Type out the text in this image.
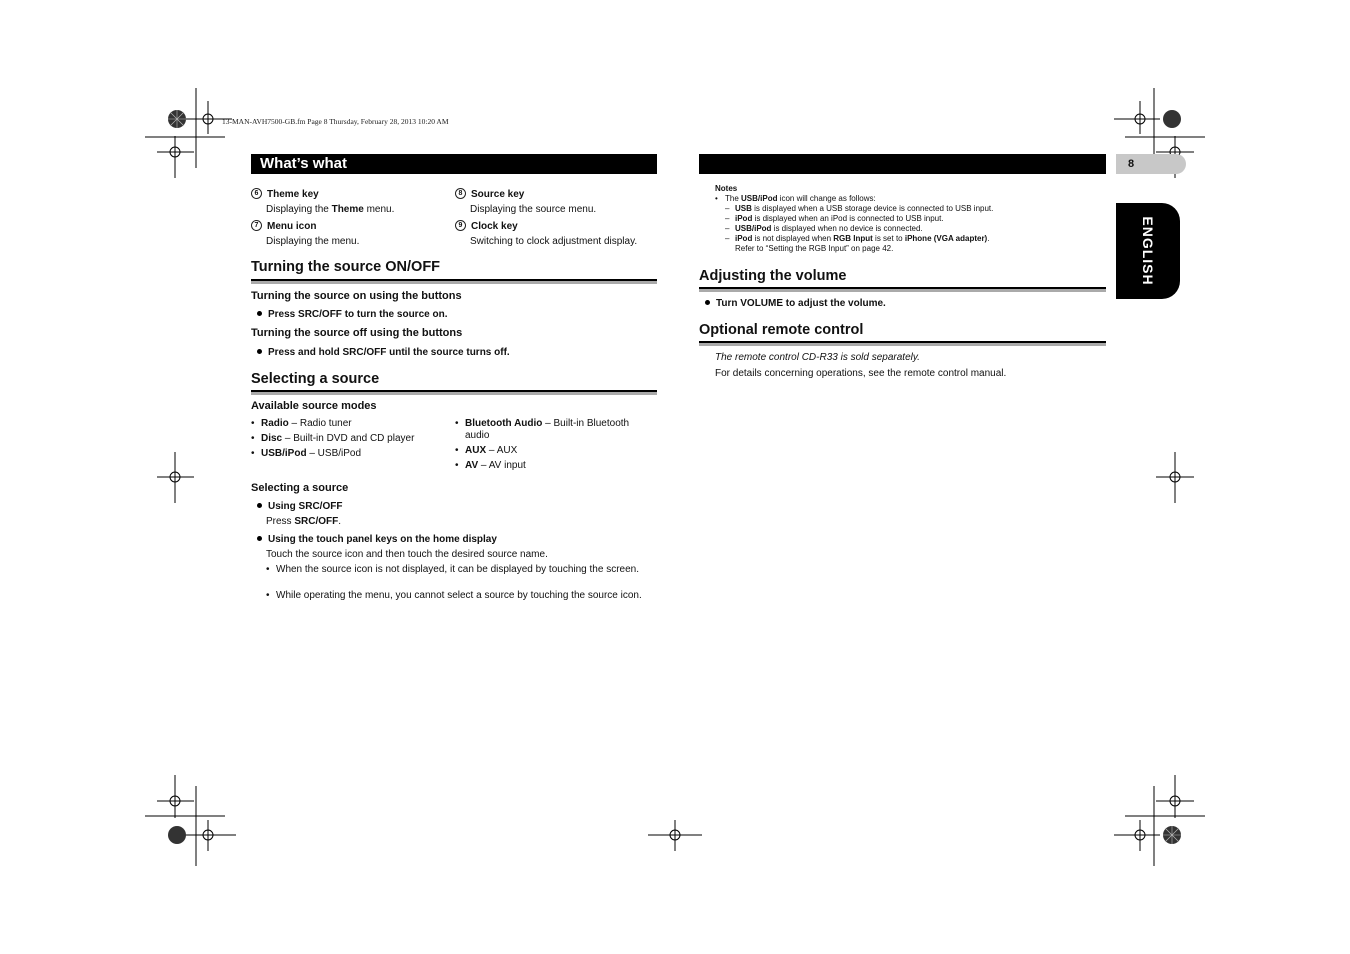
13-MAN-AVH7500-GB.fm Page 8 Thursday, February 28, 2013 10:20 AM
What’s what	8
ENGLISH
6 Theme key
Displaying the Theme menu.
7 Menu icon
Displaying the menu.
8 Source key
Displaying the source menu.
9 Clock key
Switching to clock adjustment display.
Turning the source ON/OFF
Turning the source on using the buttons
Press SRC/OFF to turn the source on.
Turning the source off using the buttons
Press and hold SRC/OFF until the source turns off.
Selecting a source
Available source modes
• Radio – Radio tuner
• Disc – Built-in DVD and CD player
• USB/iPod – USB/iPod
• Bluetooth Audio – Built-in Bluetooth audio
• AUX – AUX
• AV – AV input
Selecting a source
Using SRC/OFF
Press SRC/OFF.
Using the touch panel keys on the home display
Touch the source icon and then touch the desired source name.
• When the source icon is not displayed, it can be displayed by touching the screen.
• While operating the menu, you cannot select a source by touching the source icon.
Notes
• The USB/iPod icon will change as follows:
– USB is displayed when a USB storage device is connected to USB input.
– iPod is displayed when an iPod is connected to USB input.
– USB/iPod is displayed when no device is connected.
– iPod is not displayed when RGB Input is set to iPhone (VGA adapter).
Refer to “Setting the RGB Input” on page 42.
Adjusting the volume
Turn VOLUME to adjust the volume.
Optional remote control
The remote control CD-R33 is sold separately.
For details concerning operations, see the remote control manual.
